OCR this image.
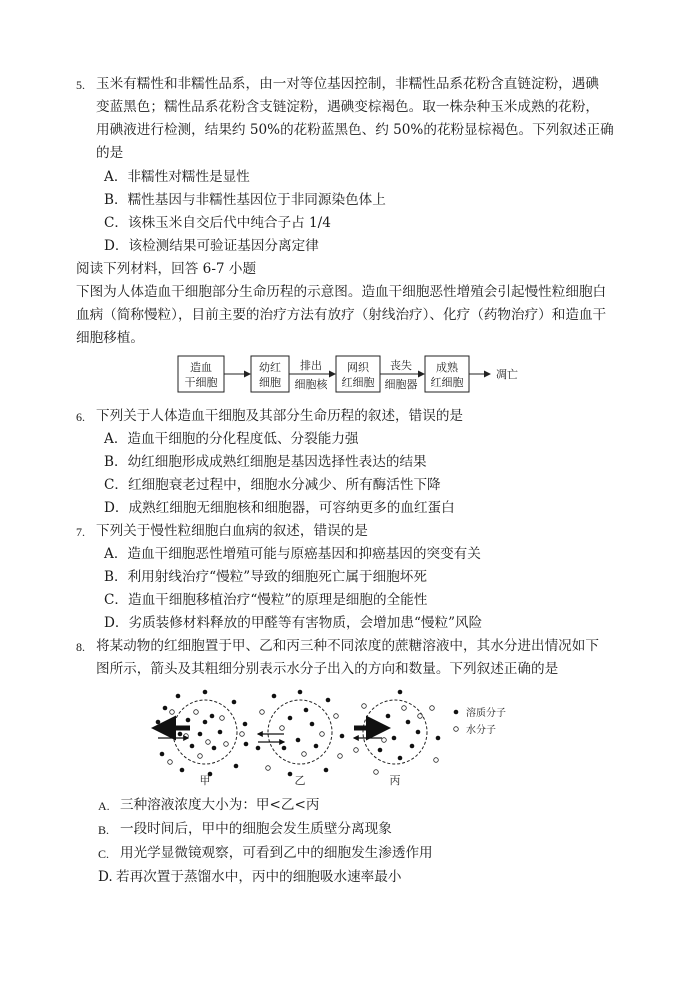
5. 玉米有糯性和非糯性品系，由一对等位基因控制，非糯性品系花粉含直链淀粉，遇碘
变蓝黑色；糯性品系花粉含支链淀粉，遇碘变棕褐色。取一株杂种玉米成熟的花粉，
用碘液进行检测，结果约 50%的花粉蓝黑色、约 50%的花粉显棕褐色。下列叙述正确
的是
A．非糯性对糯性是显性
B．糯性基因与非糯性基因位于非同源染色体上
C．该株玉米自交后代中纯合子占 1/4
D．该检测结果可验证基因分离定律
阅读下列材料，回答 6-7 小题
下图为人体造血干细胞部分生命历程的示意图。造血干细胞恶性增殖会引起慢性粒细胞白
血病（简称慢粒），目前主要的治疗方法有放疗（射线治疗）、化疗（药物治疗）和造血干
细胞移植。
造血
干细胞
幼红
细胞
排出
细胞核
网织
红细胞
丧失
细胞器
成熟
红细胞
凋亡
6. 下列关于人体造血干细胞及其部分生命历程的叙述，错误的是
A．造血干细胞的分化程度低、分裂能力强
B．幼红细胞形成成熟红细胞是基因选择性表达的结果
C．红细胞衰老过程中，细胞水分减少、所有酶活性下降
D．成熟红细胞无细胞核和细胞器，可容纳更多的血红蛋白
7. 下列关于慢性粒细胞白血病的叙述，错误的是
A．造血干细胞恶性增殖可能与原癌基因和抑癌基因的突变有关
B．利用射线治疗“慢粒”导致的细胞死亡属于细胞坏死
C．造血干细胞移植治疗“慢粒”的原理是细胞的全能性
D．劣质装修材料释放的甲醛等有害物质，会增加患“慢粒”风险
8. 将某动物的红细胞置于甲、乙和丙三种不同浓度的蔗糖溶液中，其水分进出情况如下
图所示，箭头及其粗细分别表示水分子出入的方向和数量。下列叙述正确的是
甲	乙	丙
溶质分子
水分子
A. 三种溶液浓度大小为：甲<乙<丙
B. 一段时间后，甲中的细胞会发生质壁分离现象
C. 用光学显微镜观察，可看到乙中的细胞发生渗透作用
D. 若再次置于蒸馏水中，丙中的细胞吸水速率最小
